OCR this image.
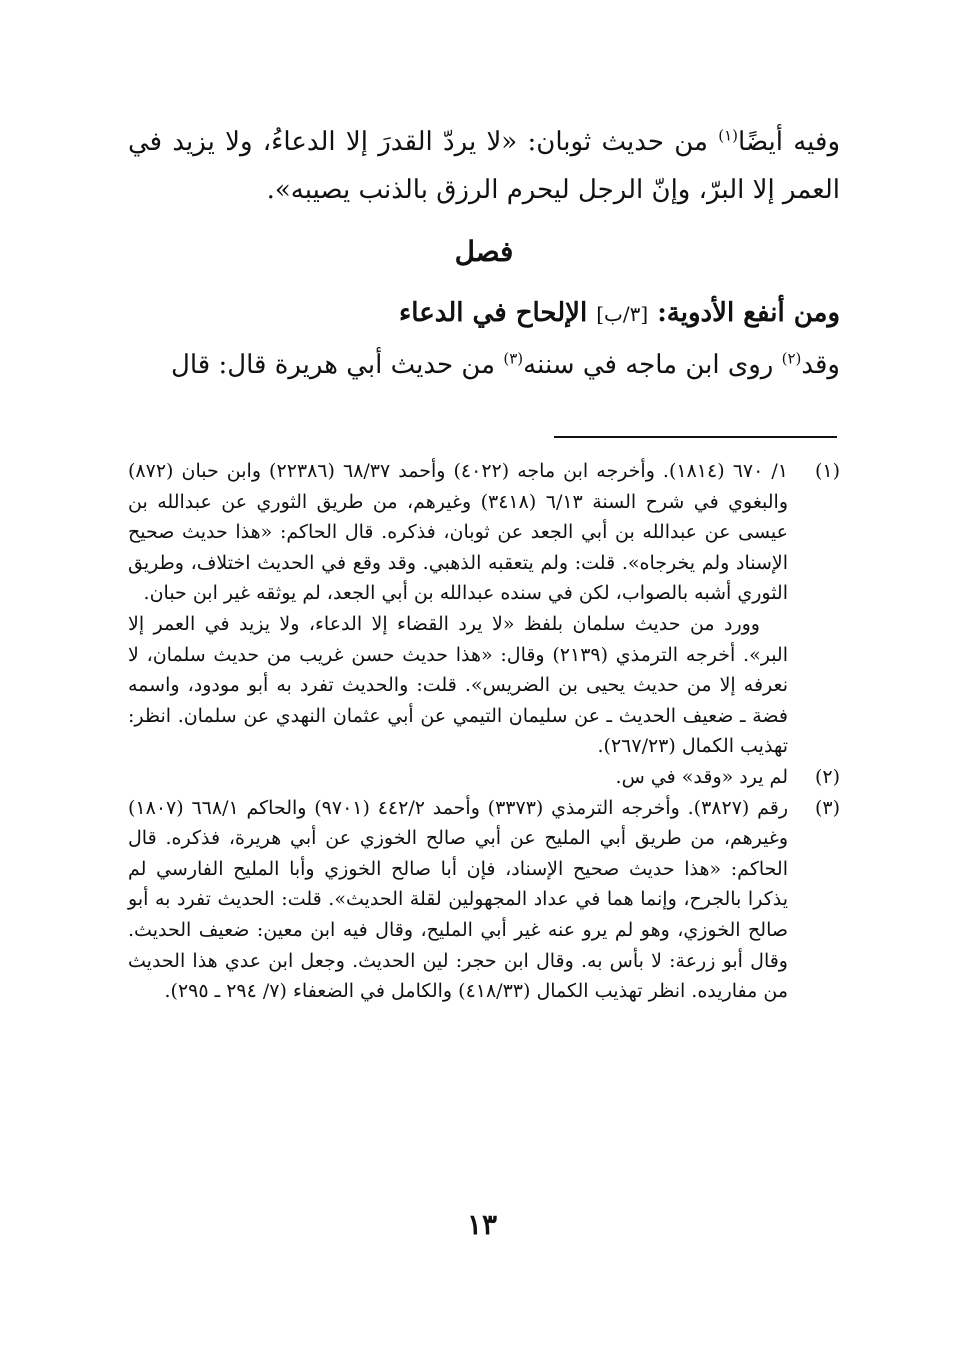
وفيه أيضًا$^{(١)}$ من حديث ثوبان: «لا يردّ القدرَ إلا الدعاءُ، ولا يزيد في العمر إلا البرّ، وإنّ الرجل ليحرم الرزق بالذنب يصيبه».

فصل

ومن أنفع الأدوية: [٣/ب] الإلحاح في الدعاء

وقد$^{(٢)}$ روى ابن ماجه في سننه$^{(٣)}$ من حديث أبي هريرة قال: قال

(١)

١/ ٦٧٠ (١٨١٤). وأخرجه ابن ماجه (٤٠٢٢) وأحمد ٦٨/٣٧ (٢٢٣٨٦) وابن حبان (٨٧٢) والبغوي في شرح السنة ٦/١٣ (٣٤١٨) وغيرهم، من طريق الثوري عن عبدالله بن عيسى عن عبدالله بن أبي الجعد عن ثوبان، فذكره. قال الحاكم: «هذا حديث صحيح الإسناد ولم يخرجاه». قلت: ولم يتعقبه الذهبي. وقد وقع في الحديث اختلاف، وطريق الثوري أشبه بالصواب، لكن في سنده عبدالله بن أبي الجعد، لم يوثقه غير ابن حبان.

وورد من حديث سلمان بلفظ «لا يرد القضاء إلا الدعاء، ولا يزيد في العمر إلا البر». أخرجه الترمذي (٢١٣٩) وقال: «هذا حديث حسن غريب من حديث سلمان، لا نعرفه إلا من حديث يحيى بن الضريس». قلت: والحديث تفرد به أبو مودود، واسمه فضة ـ ضعيف الحديث ـ عن سليمان التيمي عن أبي عثمان النهدي عن سلمان. انظر: تهذيب الكمال (٢٦٧/٢٣).

(٢)

لم يرد «وقد» في س.

(٣)

رقم (٣٨٢٧). وأخرجه الترمذي (٣٣٧٣) وأحمد ٤٤٢/٢ (٩٧٠١) والحاكم ٦٦٨/١ (١٨٠٧) وغيرهم، من طريق أبي المليح عن أبي صالح الخوزي عن أبي هريرة، فذكره. قال الحاكم: «هذا حديث صحيح الإسناد، فإن أبا صالح الخوزي وأبا المليح الفارسي لم يذكرا بالجرح، وإنما هما في عداد المجهولين لقلة الحديث». قلت: الحديث تفرد به أبو صالح الخوزي، وهو لم يرو عنه غير أبي المليح، وقال فيه ابن معين: ضعيف الحديث. وقال أبو زرعة: لا بأس به. وقال ابن حجر: لين الحديث. وجعل ابن عدي هذا الحديث من مفاريده. انظر تهذيب الكمال (٤١٨/٣٣) والكامل في الضعفاء (٧/ ٢٩٤ ـ ٢٩٥).

١٣
